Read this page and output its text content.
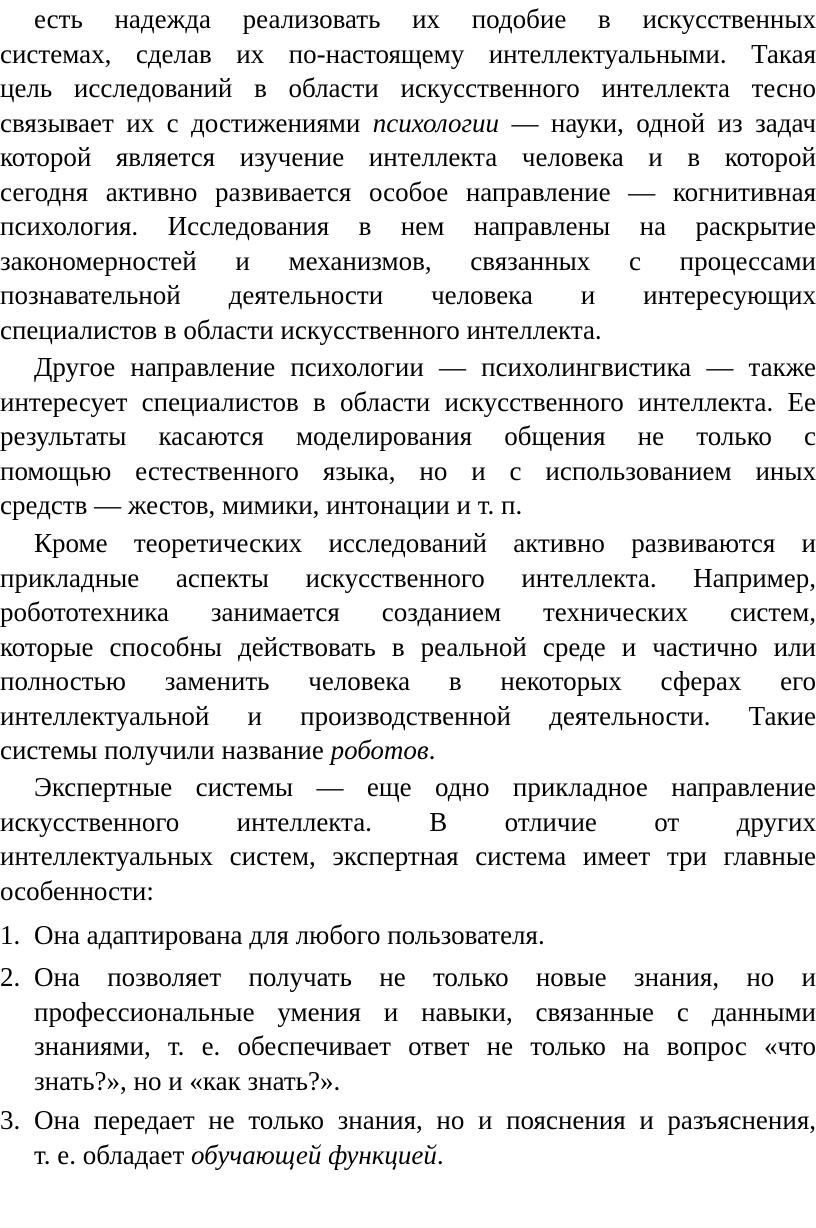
есть надежда реализовать их подобие в искусственных
системах, сделав их по-настоящему интеллектуальными. Такая
цель исследований в области искусственного интеллекта тесно
связывает их с достижениями психологии — науки, одной из задач
которой является изучение интеллекта человека и в которой
сегодня активно развивается особое направление — когнитивная
психология. Исследования в нем направлены на раскрытие
закономерностей и механизмов, связанных с процессами
познавательной деятельности человека и интересующих
специалистов в области искусственного интеллекта.
Другое направление психологии — психолингвистика — также
интересует специалистов в области искусственного интеллекта. Ее
результаты касаются моделирования общения не только с
помощью естественного языка, но и с использованием иных
средств — жестов, мимики, интонации и т. п.
Кроме теоретических исследований активно развиваются и
прикладные аспекты искусственного интеллекта. Например,
робототехника занимается созданием технических систем,
которые способны действовать в реальной среде и частично или
полностью заменить человека в некоторых сферах его
интеллектуальной и производственной деятельности. Такие
системы получили название роботов.
Экспертные системы — еще одно прикладное направление
искусственного интеллекта. В отличие от других
интеллектуальных систем, экспертная система имеет три главные
особенности:
1. Она адаптирована для любого пользователя.
2. Она позволяет получать не только новые знания, но и
профессиональные умения и навыки, связанные с данными
знаниями, т. е. обеспечивает ответ не только на вопрос «что
знать?», но и «как знать?».
3. Она передает не только знания, но и пояснения и разъяснения,
т. е. обладает обучающей функцией.
